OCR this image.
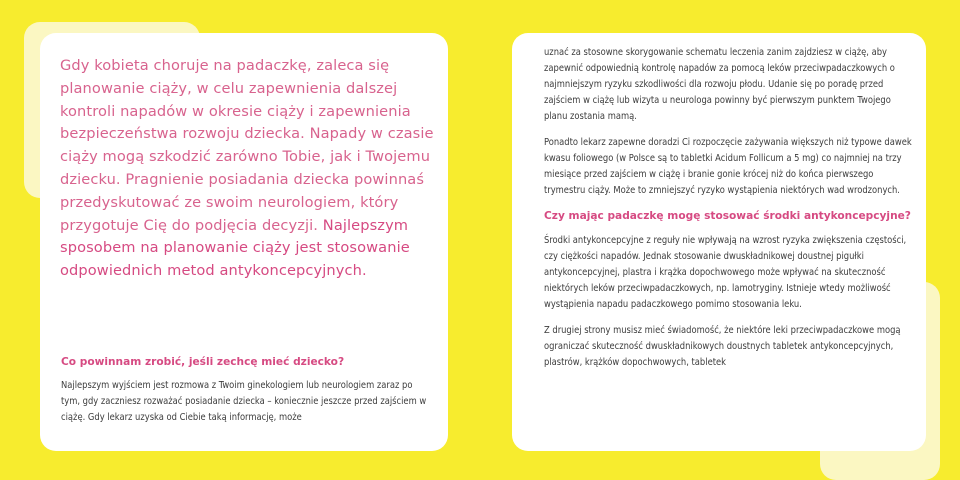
Gdy kobieta choruje na padaczkę, zaleca się planowanie ciąży, w celu zapewnienia dalszej kontroli napadów w okresie ciąży i zapewnienia bezpieczeństwa rozwoju dziecka. Napady w czasie ciąży mogą szkodzić zarówno Tobie, jak i Twojemu dziecku. Pragnienie posiadania dziecka powinnaś przedyskutować ze swoim neurologiem, który przygotuje Cię do podjęcia decyzji. Najlepszym sposobem na planowanie ciąży jest stosowanie odpowiednich metod antykoncepcyjnych.

Co powinnam zrobić, jeśli zechcę mieć dziecko?

Najlepszym wyjściem jest rozmowa z Twoim ginekologiem lub neurologiem zaraz po tym, gdy zaczniesz rozważać posiadanie dziecka – koniecznie jeszcze przed zajściem w ciążę. Gdy lekarz uzyska od Ciebie taką informację, może

uznać za stosowne skorygowanie schematu leczenia zanim zajdziesz w ciążę, aby zapewnić odpowiednią kontrolę napadów za pomocą leków przeciwpadaczkowych o najmniejszym ryzyku szkodliwości dla rozwoju płodu. Udanie się po poradę przed zajściem w ciążę lub wizyta u neurologa powinny być pierwszym punktem Twojego planu zostania mamą.

Ponadto lekarz zapewne doradzi Ci rozpoczęcie zażywania większych niż typowe dawek kwasu foliowego (w Polsce są to tabletki Acidum Follicum a 5 mg) co najmniej na trzy miesiące przed zajściem w ciążę i branie gonie krócej niż do końca pierwszego trymestru ciąży. Może to zmniejszyć ryzyko wystąpienia niektórych wad wrodzonych.

Czy mając padaczkę mogę stosować środki antykoncepcyjne?

Środki antykoncepcyjne z reguły nie wpływają na wzrost ryzyka zwiększenia częstości, czy ciężkości napadów. Jednak stosowanie dwuskładnikowej doustnej pigułki antykoncepcyjnej, plastra i krążka dopochwowego może wpływać na skuteczność niektórych leków przeciwpadaczkowych, np. lamotryginy. Istnieje wtedy możliwość wystąpienia napadu padaczkowego pomimo stosowania leku.

Z drugiej strony musisz mieć świadomość, że niektóre leki przeciwpadaczkowe mogą ograniczać skuteczność dwuskładnikowych doustnych tabletek antykoncepcyjnych, plastrów, krążków dopochwowych, tabletek
